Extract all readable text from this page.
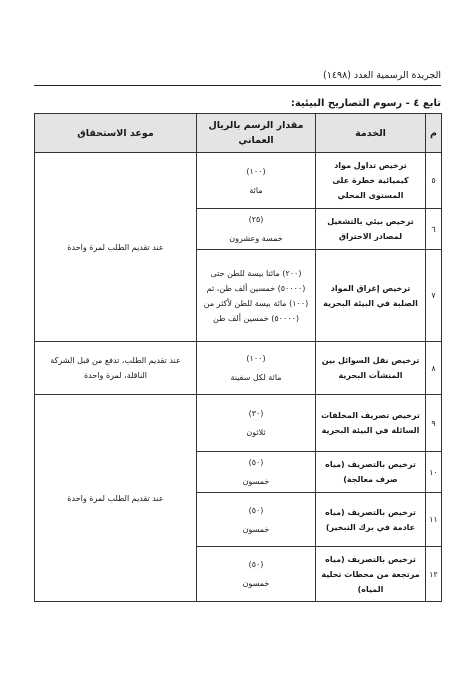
الجريدة الرسمية العدد (١٤٩٨)
تابع ٤ - رسوم التصاريح البيئية:
م	الخدمة	مقدار الرسم بالريال العماني	موعد الاستحقاق
٥	ترخيص تداول مواد كيميائية خطرة على المستوى المحلي	(١٠٠)
مائة	عند تقديم الطلب لمرة واحدة
٦	ترخيص بيئي بالتشغيل لمصادر الاحتراق	(٢٥)
خمسة وعشرون	

٧	ترخيص إغراق المواد الصلبة في البيئة البحرية	(٢٠٠) مائتا بيسة للطن حتى (٥٠٠٠٠) خمسين ألف طن، ثم (١٠٠) مائة بيسة للطن لأكثر من (٥٠٠٠٠) خمسين ألف طن	

٨	ترخيص نقل السوائل بين المنشآت البحرية	(١٠٠)
مائة لكل سفينة	عند تقديم الطلب، تدفع من قبل الشركة الناقلة، لمرة واحدة
٩	ترخيص تصريف المخلفات السائلة في البيئة البحرية	(٣٠)
ثلاثون	عند تقديم الطلب لمرة واحدة
١٠	ترخيص بالتصريف (مياه صرف معالجة)	(٥٠)
خمسون	

١١	ترخيص بالتصريف (مياه عادمة في برك التبخير)	(٥٠)
خمسون	

١٢	ترخيص بالتصريف (مياه مرتجعة من محطات تحلية المياه)	(٥٠)
خمسون	
